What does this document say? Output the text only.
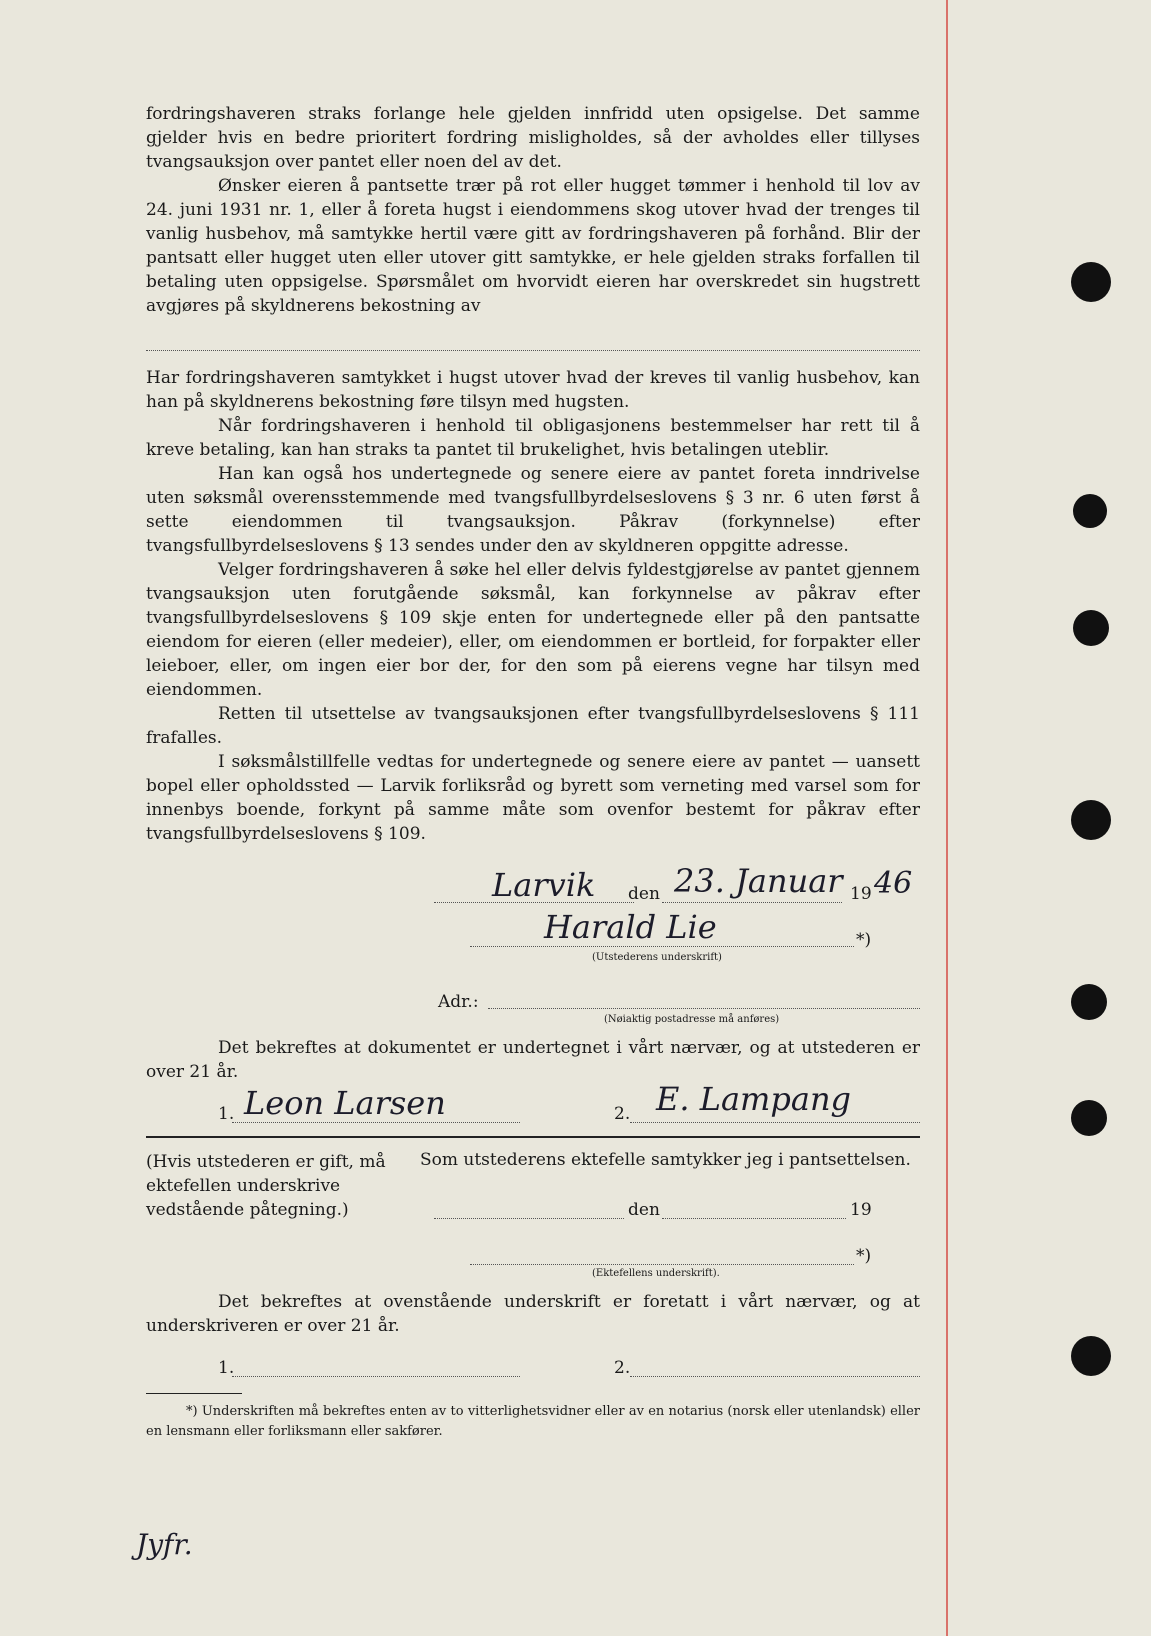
fordringshaveren straks forlange hele gjelden innfridd uten opsigelse. Det samme gjelder hvis en bedre prioritert fordring misligholdes, så der avholdes eller tillyses tvangsauksjon over pantet eller noen del av det.

Ønsker eieren å pantsette trær på rot eller hugget tømmer i henhold til lov av 24. juni 1931 nr. 1, eller å foreta hugst i eiendommens skog utover hvad der trenges til vanlig husbehov, må samtykke hertil være gitt av fordringshaveren på forhånd. Blir der pantsatt eller hugget uten eller utover gitt samtykke, er hele gjelden straks forfallen til betaling uten oppsigelse. Spørsmålet om hvorvidt eieren har overskredet sin hugstrett avgjøres på skyldnerens bekostning av

Har fordringshaveren samtykket i hugst utover hvad der kreves til vanlig husbehov, kan han på skyldnerens bekostning føre tilsyn med hugsten.

Når fordringshaveren i henhold til obligasjonens bestemmelser har rett til å kreve betaling, kan han straks ta pantet til brukelighet, hvis betalingen uteblir.

Han kan også hos undertegnede og senere eiere av pantet foreta inndrivelse uten søksmål overensstemmende med tvangsfullbyrdelseslovens § 3 nr. 6 uten først å sette eiendommen til tvangsauksjon. Påkrav (forkynnelse) efter tvangsfullbyrdelseslovens § 13 sendes under den av skyldneren oppgitte adresse.

Velger fordringshaveren å søke hel eller delvis fyldestgjørelse av pantet gjennem tvangsauksjon uten forutgående søksmål, kan forkynnelse av påkrav efter tvangsfullbyrdelseslovens § 109 skje enten for undertegnede eller på den pantsatte eiendom for eieren (eller medeier), eller, om eiendommen er bortleid, for forpakter eller leieboer, eller, om ingen eier bor der, for den som på eierens vegne har tilsyn med eiendommen.

Retten til utsettelse av tvangsauksjonen efter tvangsfullbyrdelseslovens § 111 frafalles.

I søksmålstillfelle vedtas for undertegnede og senere eiere av pantet — uansett bopel eller opholdssted — Larvik forliksråd og byrett som verneting med varsel som for innenbys boende, forkynt på samme måte som ovenfor bestemt for påkrav efter tvangsfullbyrdelseslovens § 109.

Larvik den 23. Januar 19 46
Harald Lie	*)
(Utstederens underskrift)
Adr.:
(Nøiaktig postadresse må anføres)
Det bekreftes at dokumentet er undertegnet i vårt nærvær, og at utstederen er over 21 år.
1. Leon Larsen	2. E. Lampang
(Hvis utstederen er gift, må ektefellen underskrive vedstående påtegning.)
Som utstederens ektefelle samtykker jeg i pantsettelsen.
den	19
*)
(Ektefellens underskrift).
Det bekreftes at ovenstående underskrift er foretatt i vårt nærvær, og at underskriveren er over 21 år.
1.	2.

*) Underskriften må bekreftes enten av to vitterlighetsvidner eller av en notarius (norsk eller utenlandsk) eller en lensmann eller forliksmann eller sakfører.

Jyfr.
